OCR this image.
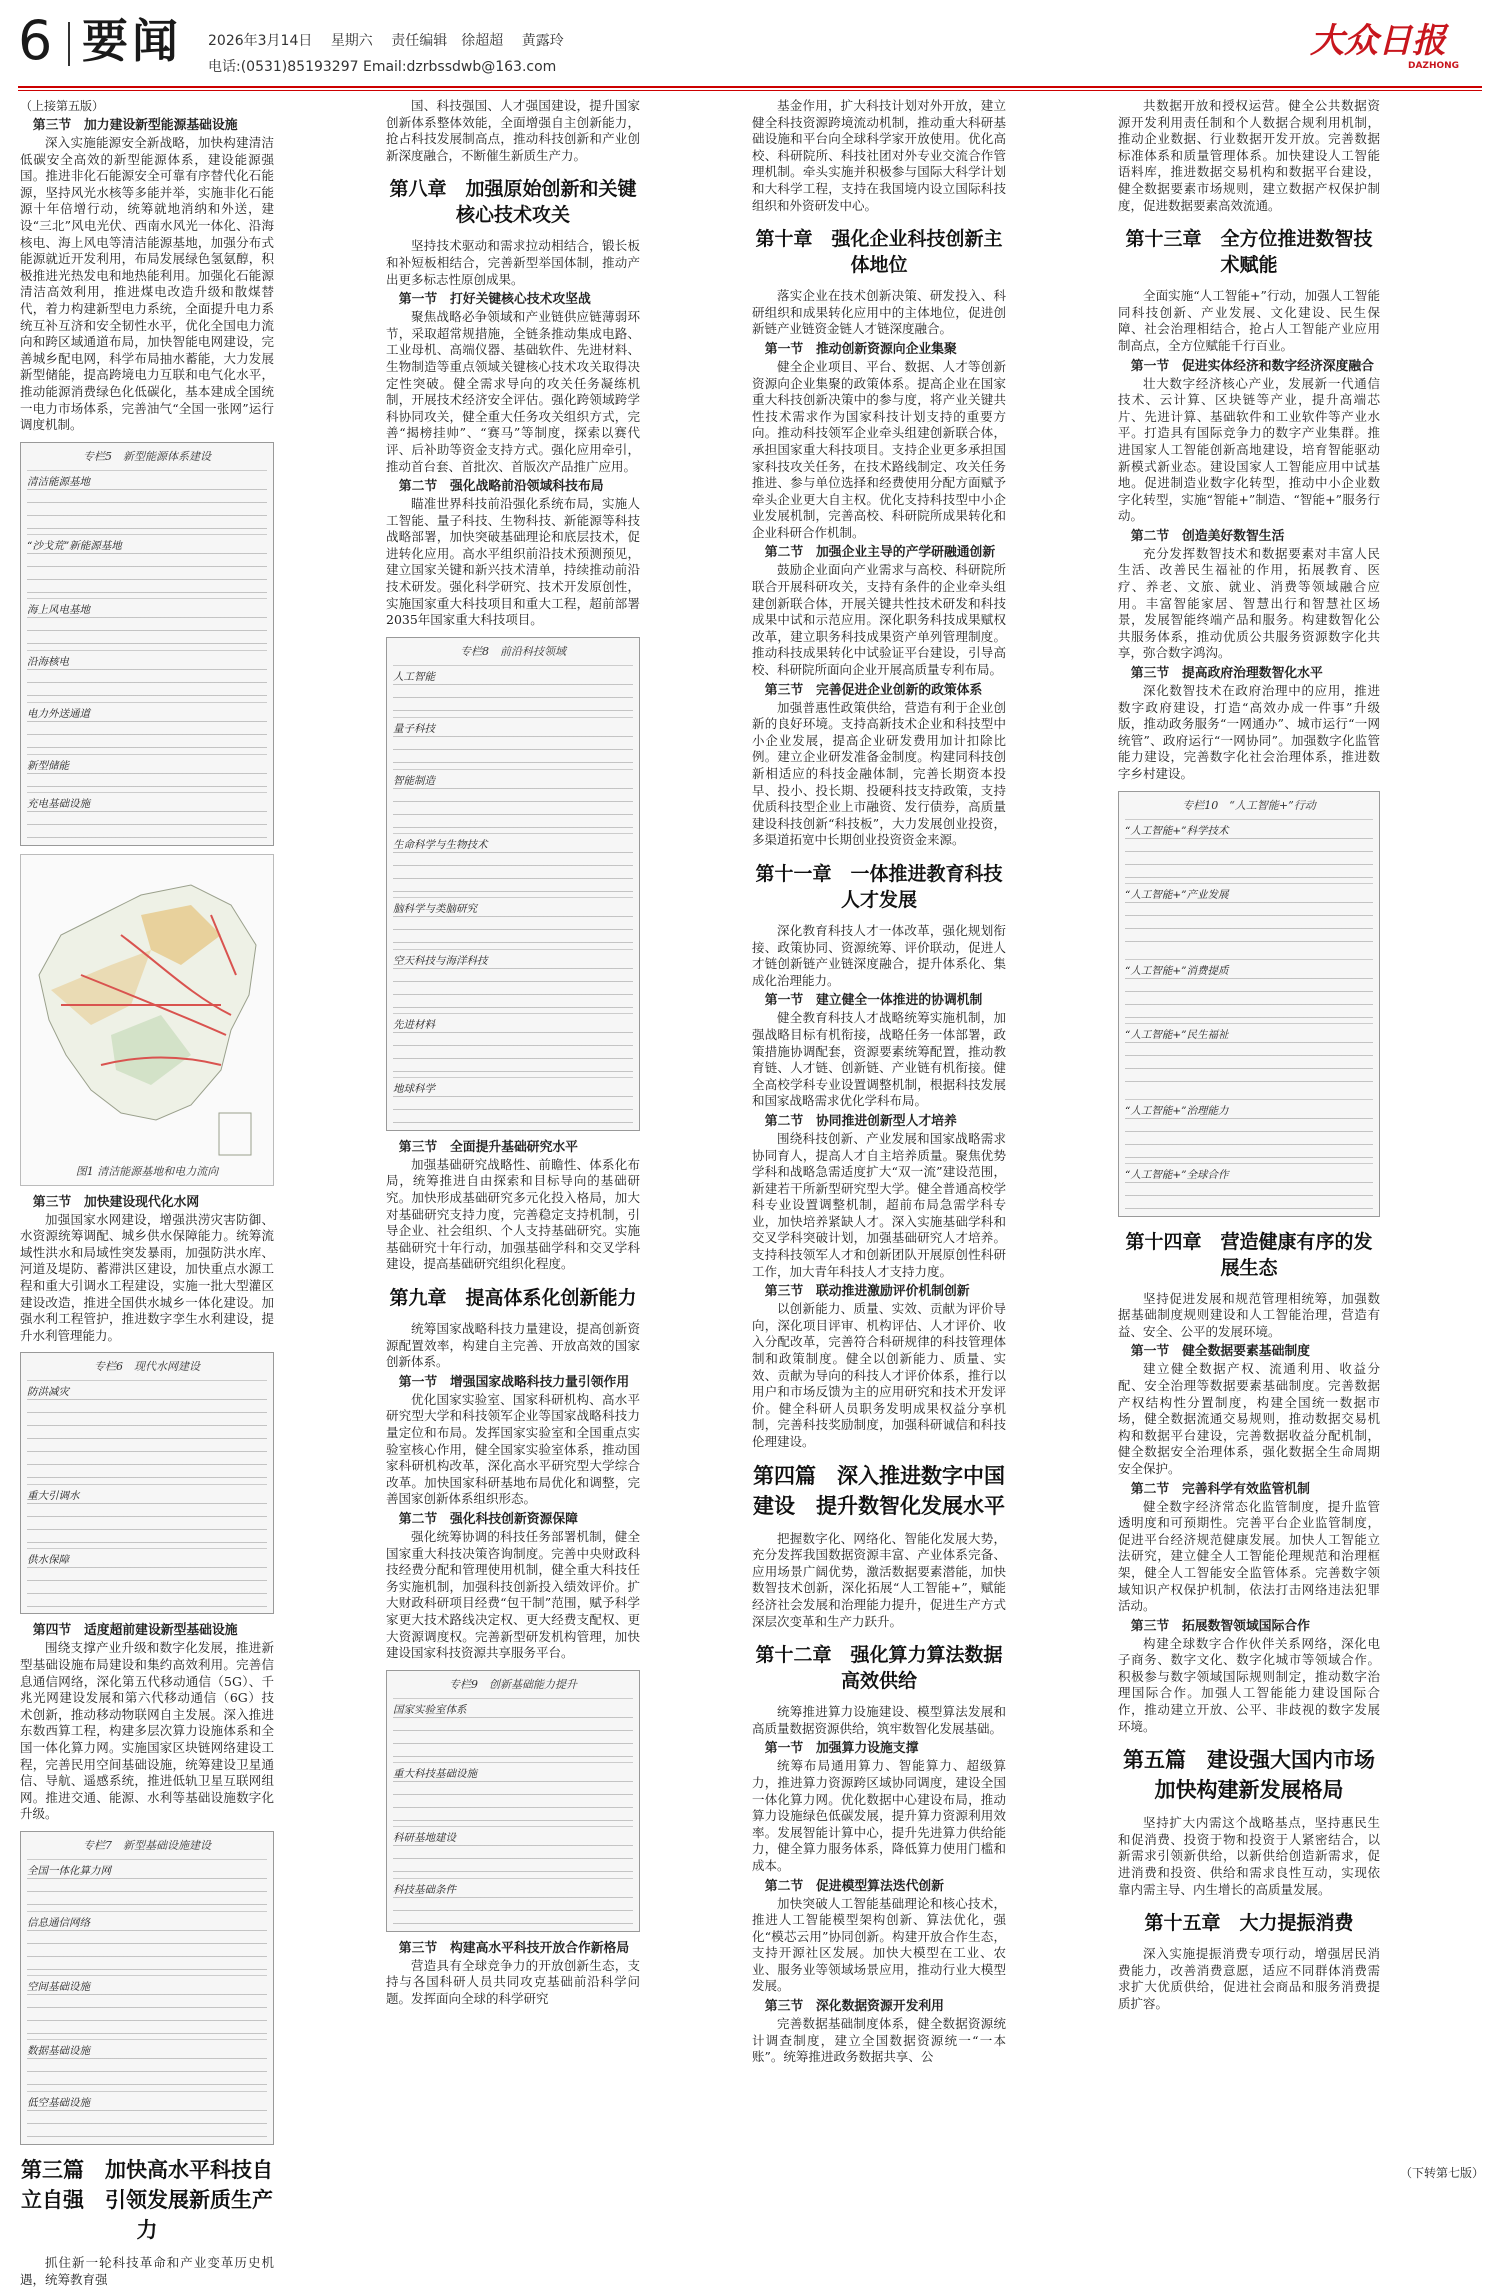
6 要闻 2026年3月14日 星期六 责任编辑　徐超超 黄露玲
电话:(0531)85193297 Email:dzrbssdwb@163.com
大众日报
DAZHONG
（上接第五版）
第三节　加力建设新型能源基础设施

深入实施能源安全新战略，加快构建清洁低碳安全高效的新型能源体系，建设能源强国。推进非化石能源安全可靠有序替代化石能源，坚持风光水核等多能并举，实施非化石能源十年倍增行动，统筹就地消纳和外送，建设“三北”风电光伏、西南水风光一体化、沿海核电、海上风电等清洁能源基地，加强分布式能源就近开发利用，布局发展绿色氢氨醇，积极推进光热发电和地热能利用。加强化石能源清洁高效利用，推进煤电改造升级和散煤替代，着力构建新型电力系统，全面提升电力系统互补互济和安全韧性水平，优化全国电力流向和跨区域通道布局，加快智能电网建设，完善城乡配电网，科学布局抽水蓄能，大力发展新型储能，提高跨境电力互联和电气化水平，推动能源消费绿色化低碳化，基本建成全国统一电力市场体系，完善油气“全国一张网”运行调度机制。

专栏5　新型能源体系建设
清洁能源基地
“沙戈荒”新能源基地
海上风电基地
沿海核电
电力外送通道
新型储能
充电基础设施
图1 清洁能源基地和电力流向
第三节　加快建设现代化水网

加强国家水网建设，增强洪涝灾害防御、水资源统筹调配、城乡供水保障能力。统筹流域性洪水和局域性突发暴雨，加强防洪水库、河道及堤防、蓄滞洪区建设，加快重点水源工程和重大引调水工程建设，实施一批大型灌区建设改造，推进全国供水城乡一体化建设。加强水利工程管护，推进数字孪生水利建设，提升水利管理能力。

专栏6　现代水网建设
防洪减灾
重大引调水
供水保障
第四节　适度超前建设新型基础设施

围绕支撑产业升级和数字化发展，推进新型基础设施布局建设和集约高效利用。完善信息通信网络，深化第五代移动通信（5G）、千兆光网建设发展和第六代移动通信（6G）技术创新，推动移动物联网自主发展。深入推进东数西算工程，构建多层次算力设施体系和全国一体化算力网。实施国家区块链网络建设工程，完善民用空间基础设施，统筹建设卫星通信、导航、遥感系统，推进低轨卫星互联网组网。推进交通、能源、水利等基础设施数字化升级。

专栏7　新型基础设施建设
全国一体化算力网
信息通信网络
空间基础设施
数据基础设施
低空基础设施
第三篇　加快高水平科技自立自强　引领发展新质生产力

抓住新一轮科技革命和产业变革历史机遇，统筹教育强

国、科技强国、人才强国建设，提升国家创新体系整体效能，全面增强自主创新能力，抢占科技发展制高点，推动科技创新和产业创新深度融合，不断催生新质生产力。

第八章　加强原始创新和关键核心技术攻关

坚持技术驱动和需求拉动相结合，锻长板和补短板相结合，完善新型举国体制，推动产出更多标志性原创成果。

第一节　打好关键核心技术攻坚战

聚焦战略必争领域和产业链供应链薄弱环节，采取超常规措施，全链条推动集成电路、工业母机、高端仪器、基础软件、先进材料、生物制造等重点领域关键核心技术攻关取得决定性突破。健全需求导向的攻关任务凝练机制，开展技术经济安全评估。强化跨领域跨学科协同攻关，健全重大任务攻关组织方式，完善“揭榜挂帅”、“赛马”等制度，探索以赛代评、后补助等资金支持方式。强化应用牵引，推动首台套、首批次、首版次产品推广应用。

第二节　强化战略前沿领域科技布局

瞄准世界科技前沿强化系统布局，实施人工智能、量子科技、生物科技、新能源等科技战略部署，加快突破基础理论和底层技术，促进转化应用。高水平组织前沿技术预测预见，建立国家关键和新兴技术清单，持续推动前沿技术研发。强化科学研究、技术开发原创性，实施国家重大科技项目和重大工程，超前部署2035年国家重大科技项目。

专栏8　前沿科技领域
人工智能
量子科技
智能制造
生命科学与生物技术
脑科学与类脑研究
空天科技与海洋科技
先进材料
地球科学
第三节　全面提升基础研究水平

加强基础研究战略性、前瞻性、体系化布局，统筹推进自由探索和目标导向的基础研究。加快形成基础研究多元化投入格局，加大对基础研究支持力度，完善稳定支持机制，引导企业、社会组织、个人支持基础研究。实施基础研究十年行动，加强基础学科和交叉学科建设，提高基础研究组织化程度。

第九章　提高体系化创新能力

统筹国家战略科技力量建设，提高创新资源配置效率，构建自主完善、开放高效的国家创新体系。

第一节　增强国家战略科技力量引领作用

优化国家实验室、国家科研机构、高水平研究型大学和科技领军企业等国家战略科技力量定位和布局。发挥国家实验室和全国重点实验室核心作用，健全国家实验室体系，推动国家科研机构改革，深化高水平研究型大学综合改革。加快国家科研基地布局优化和调整，完善国家创新体系组织形态。

第二节　强化科技创新资源保障

强化统筹协调的科技任务部署机制，健全国家重大科技决策咨询制度。完善中央财政科技经费分配和管理使用机制，健全重大科技任务实施机制，加强科技创新投入绩效评价。扩大财政科研项目经费“包干制”范围，赋予科学家更大技术路线决定权、更大经费支配权、更大资源调度权。完善新型研发机构管理，加快建设国家科技资源共享服务平台。

专栏9　创新基础能力提升
国家实验室体系
重大科技基础设施
科研基地建设
科技基础条件
第三节　构建高水平科技开放合作新格局

营造具有全球竞争力的开放创新生态，支持与各国科研人员共同攻克基础前沿科学问题。发挥面向全球的科学研究

基金作用，扩大科技计划对外开放，建立健全科技资源跨境流动机制，推动重大科研基础设施和平台向全球科学家开放使用。优化高校、科研院所、科技社团对外专业交流合作管理机制。牵头实施并积极参与国际大科学计划和大科学工程，支持在我国境内设立国际科技组织和外资研发中心。

第十章　强化企业科技创新主体地位

落实企业在技术创新决策、研发投入、科研组织和成果转化应用中的主体地位，促进创新链产业链资金链人才链深度融合。

第一节　推动创新资源向企业集聚

健全企业项目、平台、数据、人才等创新资源向企业集聚的政策体系。提高企业在国家重大科技创新决策中的参与度，将产业关键共性技术需求作为国家科技计划支持的重要方向。推动科技领军企业牵头组建创新联合体，承担国家重大科技项目。支持企业更多承担国家科技攻关任务，在技术路线制定、攻关任务推进、参与单位选择和经费使用分配方面赋予牵头企业更大自主权。优化支持科技型中小企业发展机制，完善高校、科研院所成果转化和企业科研合作机制。

第二节　加强企业主导的产学研融通创新

鼓励企业面向产业需求与高校、科研院所联合开展科研攻关，支持有条件的企业牵头组建创新联合体，开展关键共性技术研发和科技成果中试和示范应用。深化职务科技成果赋权改革，建立职务科技成果资产单列管理制度。推动科技成果转化中试验证平台建设，引导高校、科研院所面向企业开展高质量专利布局。

第三节　完善促进企业创新的政策体系

加强普惠性政策供给，营造有利于企业创新的良好环境。支持高新技术企业和科技型中小企业发展，提高企业研发费用加计扣除比例。建立企业研发准备金制度。构建同科技创新相适应的科技金融体制，完善长期资本投早、投小、投长期、投硬科技支持政策，支持优质科技型企业上市融资、发行债券，高质量建设科技创新“科技板”，大力发展创业投资，多渠道拓宽中长期创业投资资金来源。

第十一章　一体推进教育科技人才发展

深化教育科技人才一体改革，强化规划衔接、政策协同、资源统筹、评价联动，促进人才链创新链产业链深度融合，提升体系化、集成化治理能力。

第一节　建立健全一体推进的协调机制

健全教育科技人才战略统筹实施机制，加强战略目标有机衔接，战略任务一体部署，政策措施协调配套，资源要素统筹配置，推动教育链、人才链、创新链、产业链有机衔接。健全高校学科专业设置调整机制，根据科技发展和国家战略需求优化学科布局。

第二节　协同推进创新型人才培养

围绕科技创新、产业发展和国家战略需求协同育人，提高人才自主培养质量。聚焦优势学科和战略急需适度扩大“双一流”建设范围，新建若干所新型研究型大学。健全普通高校学科专业设置调整机制，超前布局急需学科专业，加快培养紧缺人才。深入实施基础学科和交叉学科突破计划，加强基础研究人才培养。支持科技领军人才和创新团队开展原创性科研工作，加大青年科技人才支持力度。

第三节　联动推进激励评价机制创新

以创新能力、质量、实效、贡献为评价导向，深化项目评审、机构评估、人才评价、收入分配改革，完善符合科研规律的科技管理体制和政策制度。健全以创新能力、质量、实效、贡献为导向的科技人才评价体系，推行以用户和市场反馈为主的应用研究和技术开发评价。健全科研人员职务发明成果权益分享机制，完善科技奖励制度，加强科研诚信和科技伦理建设。

第四篇　深入推进数字中国建设　提升数智化发展水平

把握数字化、网络化、智能化发展大势，充分发挥我国数据资源丰富、产业体系完备、应用场景广阔优势，激活数据要素潜能，加快数智技术创新，深化拓展“人工智能+”，赋能经济社会发展和治理能力提升，促进生产方式深层次变革和生产力跃升。

第十二章　强化算力算法数据高效供给

统筹推进算力设施建设、模型算法发展和高质量数据资源供给，筑牢数智化发展基础。

第一节　加强算力设施支撑

统筹布局通用算力、智能算力、超级算力，推进算力资源跨区域协同调度，建设全国一体化算力网。优化数据中心建设布局，推动算力设施绿色低碳发展，提升算力资源利用效率。发展智能计算中心，提升先进算力供给能力，健全算力服务体系，降低算力使用门槛和成本。

第二节　促进模型算法迭代创新

加快突破人工智能基础理论和核心技术，推进人工智能模型架构创新、算法优化，强化“模芯云用”协同创新。构建开放合作生态，支持开源社区发展。加快大模型在工业、农业、服务业等领域场景应用，推动行业大模型发展。

第三节　深化数据资源开发利用

完善数据基础制度体系，健全数据资源统计调查制度，建立全国数据资源统一“一本账”。统筹推进政务数据共享、公

共数据开放和授权运营。健全公共数据资源开发利用责任制和个人数据合规利用机制，推动企业数据、行业数据开发开放。完善数据标准体系和质量管理体系。加快建设人工智能语料库，推进数据交易机构和数据平台建设，健全数据要素市场规则，建立数据产权保护制度，促进数据要素高效流通。

第十三章　全方位推进数智技术赋能

全面实施“人工智能+”行动，加强人工智能同科技创新、产业发展、文化建设、民生保障、社会治理相结合，抢占人工智能产业应用制高点，全方位赋能千行百业。

第一节　促进实体经济和数字经济深度融合

壮大数字经济核心产业，发展新一代通信技术、云计算、区块链等产业，提升高端芯片、先进计算、基础软件和工业软件等产业水平。打造具有国际竞争力的数字产业集群。推进国家人工智能创新高地建设，培育智能驱动新模式新业态。建设国家人工智能应用中试基地。促进制造业数字化转型，推动中小企业数字化转型，实施“智能+”制造、“智能+”服务行动。

第二节　创造美好数智生活

充分发挥数智技术和数据要素对丰富人民生活、改善民生福祉的作用，拓展教育、医疗、养老、文旅、就业、消费等领域融合应用。丰富智能家居、智慧出行和智慧社区场景，发展智能终端产品和服务。构建数智化公共服务体系，推动优质公共服务资源数字化共享，弥合数字鸿沟。

第三节　提高政府治理数智化水平

深化数智技术在政府治理中的应用，推进数字政府建设，打造“高效办成一件事”升级版，推动政务服务“一网通办”、城市运行“一网统管”、政府运行“一网协同”。加强数字化监管能力建设，完善数字化社会治理体系，推进数字乡村建设。

专栏10　“人工智能+”行动
“人工智能+”科学技术
“人工智能+”产业发展
“人工智能+”消费提质
“人工智能+”民生福祉
“人工智能+”治理能力
“人工智能+”全球合作
第十四章　营造健康有序的发展生态

坚持促进发展和规范管理相统筹，加强数据基础制度规则建设和人工智能治理，营造有益、安全、公平的发展环境。

第一节　健全数据要素基础制度

建立健全数据产权、流通利用、收益分配、安全治理等数据要素基础制度。完善数据产权结构性分置制度，构建全国统一数据市场，健全数据流通交易规则，推动数据交易机构和数据平台建设，完善数据收益分配机制，健全数据安全治理体系，强化数据全生命周期安全保护。

第二节　完善科学有效监管机制

健全数字经济常态化监管制度，提升监管透明度和可预期性。完善平台企业监管制度，促进平台经济规范健康发展。加快人工智能立法研究，建立健全人工智能伦理规范和治理框架，健全人工智能安全监管体系。完善数字领域知识产权保护机制，依法打击网络违法犯罪活动。

第三节　拓展数智领域国际合作

构建全球数字合作伙伴关系网络，深化电子商务、数字文化、数字化城市等领域合作。积极参与数字领域国际规则制定，推动数字治理国际合作。加强人工智能能力建设国际合作，推动建立开放、公平、非歧视的数字发展环境。

第五篇　建设强大国内市场　加快构建新发展格局

坚持扩大内需这个战略基点，坚持惠民生和促消费、投资于物和投资于人紧密结合，以新需求引领新供给，以新供给创造新需求，促进消费和投资、供给和需求良性互动，实现依靠内需主导、内生增长的高质量发展。

第十五章　大力提振消费

深入实施提振消费专项行动，增强居民消费能力，改善消费意愿，适应不同群体消费需求扩大优质供给，促进社会商品和服务消费提质扩容。

（下转第七版）
